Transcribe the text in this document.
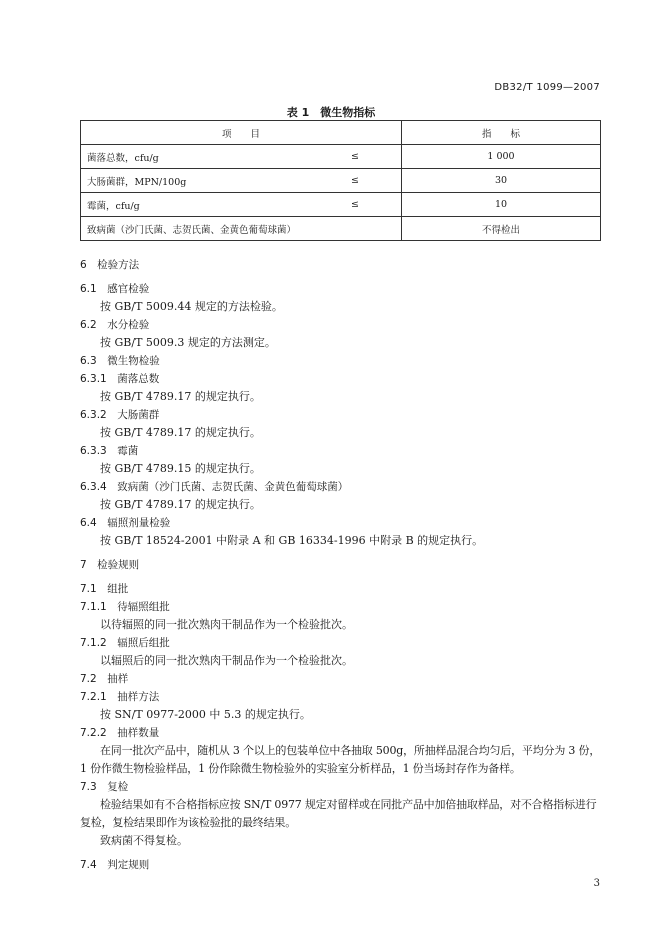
DB32/T 1099—2007
表 1　微生物指标
项　　目		指　　标
菌落总数，cfu/g	≤	1 000
大肠菌群，MPN/100g	≤	30
霉菌，cfu/g	≤	10
致病菌（沙门氏菌、志贺氏菌、金黄色葡萄球菌）		不得检出
6　检验方法
6.1　感官检验
按 GB/T 5009.44 规定的方法检验。
6.2　水分检验
按 GB/T 5009.3 规定的方法测定。
6.3　微生物检验
6.3.1　菌落总数
按 GB/T 4789.17 的规定执行。
6.3.2　大肠菌群
按 GB/T 4789.17 的规定执行。
6.3.3　霉菌
按 GB/T 4789.15 的规定执行。
6.3.4　致病菌（沙门氏菌、志贺氏菌、金黄色葡萄球菌）
按 GB/T 4789.17 的规定执行。
6.4　辐照剂量检验
按 GB/T 18524-2001 中附录 A 和 GB 16334-1996 中附录 B 的规定执行。
7　检验规则
7.1　组批
7.1.1　待辐照组批
以待辐照的同一批次熟肉干制品作为一个检验批次。
7.1.2　辐照后组批
以辐照后的同一批次熟肉干制品作为一个检验批次。
7.2　抽样
7.2.1　抽样方法
按 SN/T 0977-2000 中 5.3 的规定执行。
7.2.2　抽样数量
在同一批次产品中，随机从 3 个以上的包装单位中各抽取 500g，所抽样品混合均匀后，平均分为 3 份，1 份作微生物检验样品，1 份作除微生物检验外的实验室分析样品，1 份当场封存作为备样。
7.3　复检
检验结果如有不合格指标应按 SN/T 0977 规定对留样或在同批产品中加倍抽取样品，对不合格指标进行复检，复检结果即作为该检验批的最终结果。
致病菌不得复检。
7.4　判定规则
3
